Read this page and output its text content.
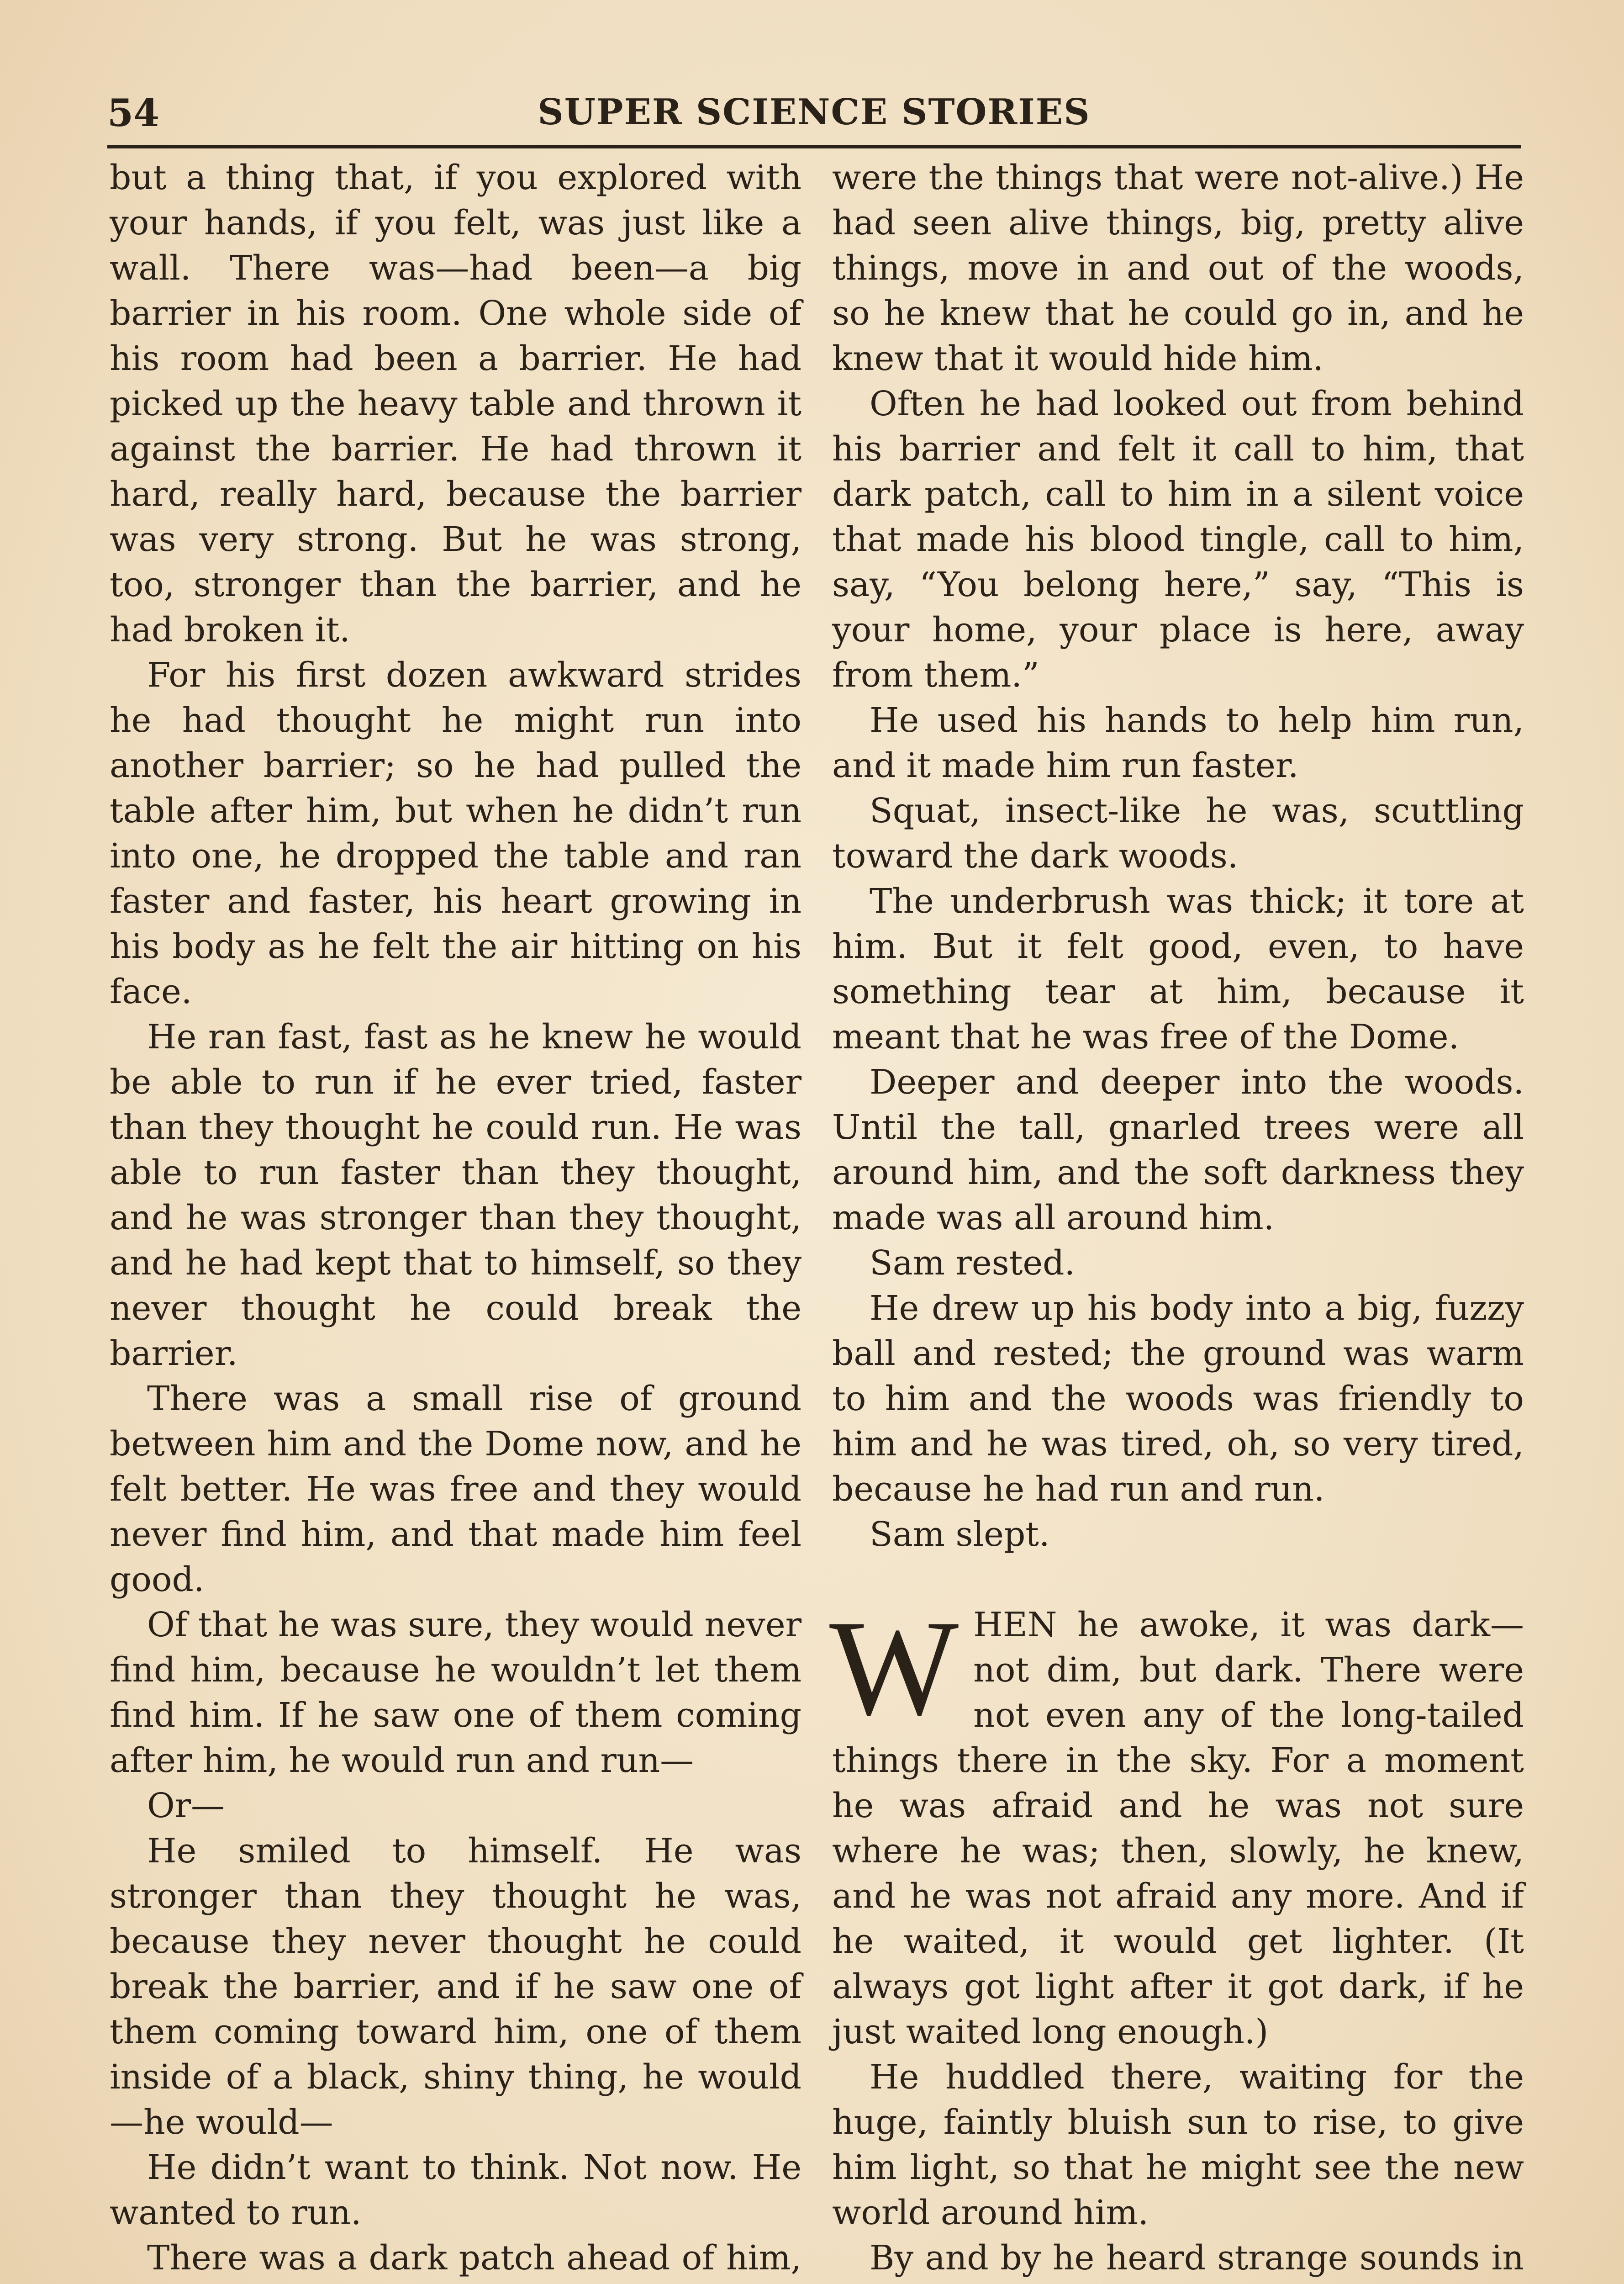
54	SUPER SCIENCE STORIES

but a thing that, if you explored with your hands, if you felt, was just like a wall. There was—had been—a big barrier in his room. One whole side of his room had been a barrier. He had picked up the heavy table and thrown it against the barrier. He had thrown it hard, really hard, because the barrier was very strong. But he was strong, too, stronger than the barrier, and he had broken it.

For his first dozen awkward strides he had thought he might run into another barrier; so he had pulled the table after him, but when he didn’t run into one, he dropped the table and ran faster and faster, his heart growing in his body as he felt the air hitting on his face.

He ran fast, fast as he knew he would be able to run if he ever tried, faster than they thought he could run. He was able to run faster than they thought, and he was stronger than they thought, and he had kept that to himself, so they never thought he could break the barrier.

There was a small rise of ground between him and the Dome now, and he felt better. He was free and they would never find him, and that made him feel good.

Of that he was sure, they would never find him, because he wouldn’t let them find him. If he saw one of them coming after him, he would run and run—

Or—

He smiled to himself. He was stronger than they thought he was, because they never thought he could break the barrier, and if he saw one of them coming toward him, one of them inside of a black, shiny thing, he would—he would—

He didn’t want to think. Not now. He wanted to run.

There was a dark patch ahead of him,

were the things that were not-alive.) He had seen alive things, big, pretty alive things, move in and out of the woods, so he knew that he could go in, and he knew that it would hide him.

Often he had looked out from behind his barrier and felt it call to him, that dark patch, call to him in a silent voice that made his blood tingle, call to him, say, “You belong here,” say, “This is your home, your place is here, away from them.”

He used his hands to help him run, and it made him run faster.

Squat, insect-like he was, scuttling toward the dark woods.

The underbrush was thick; it tore at him. But it felt good, even, to have something tear at him, because it meant that he was free of the Dome.

Deeper and deeper into the woods. Until the tall, gnarled trees were all around him, and the soft darkness they made was all around him.

Sam rested.

He drew up his body into a big, fuzzy ball and rested; the ground was warm to him and the woods was friendly to him and he was tired, oh, so very tired, because he had run and run.

Sam slept.

WHEN he awoke, it was dark—not dim, but dark. There were not even any of the long-tailed things there in the sky. For a moment he was afraid and he was not sure where he was; then, slowly, he knew, and he was not afraid any more. And if he waited, it would get lighter. (It always got light after it got dark, if he just waited long enough.)

He huddled there, waiting for the huge, faintly bluish sun to rise, to give him light, so that he might see the new world around him.

By and by he heard strange sounds in
